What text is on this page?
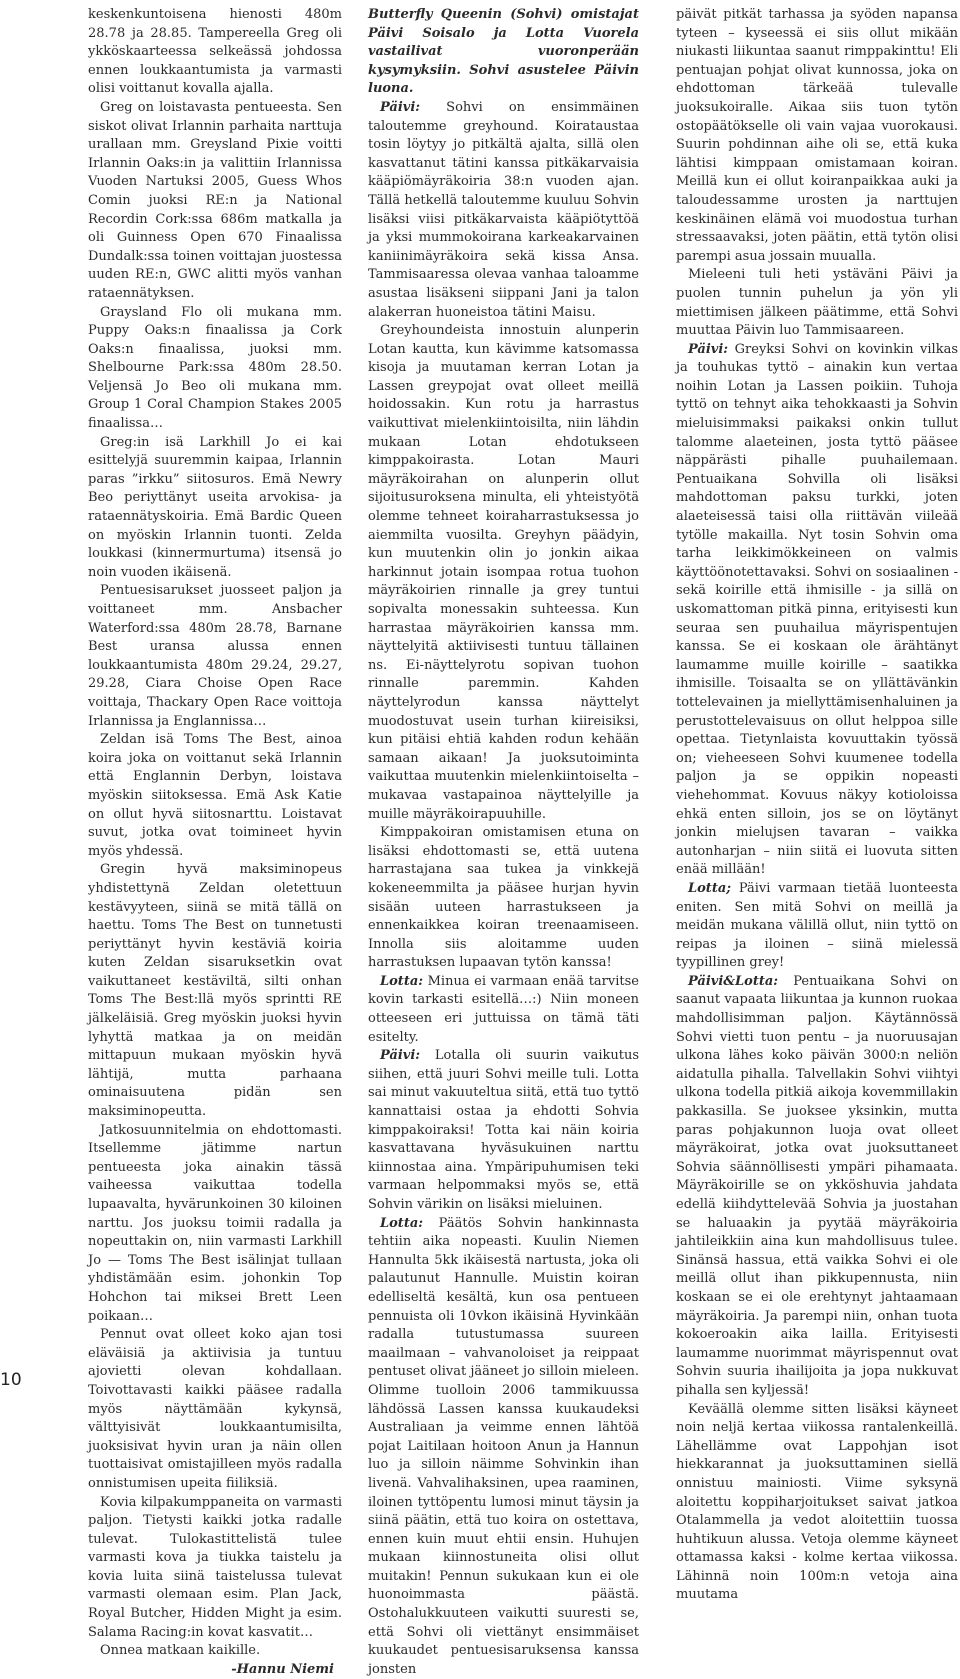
keskenkuntoisena hienosti 480m 28.78 ja 28.85. Tampereella Greg oli ykköskaarteessa selkeässä johdossa ennen loukkaantumista ja varmasti olisi voittanut kovalla ajalla.

Greg on loistavasta pentueesta. Sen siskot olivat Irlannin parhaita narttuja urallaan mm. Greysland Pixie voitti Irlannin Oaks:in ja valittiin Irlannissa Vuoden Nartuksi 2005, Guess Whos Comin juoksi RE:n ja National Recordin Cork:ssa 686m matkalla ja oli Guinness Open 670 Finaalissa Dundalk:ssa toinen voittajan juostessa uuden RE:n, GWC alitti myös vanhan rataennätyksen.

Graysland Flo oli mukana mm. Puppy Oaks:n finaalissa ja Cork Oaks:n finaalissa, juoksi mm. Shelbourne Park:ssa 480m 28.50. Veljensä Jo Beo oli mukana mm. Group 1 Coral Champion Stakes 2005 finaalissa…

Greg:in isä Larkhill Jo ei kai esittelyjä suuremmin kaipaa, Irlannin paras ”irkku” siitosuros. Emä Newry Beo periyttänyt useita arvokisa- ja rataennätyskoiria. Emä Bardic Queen on myöskin Irlannin tuonti. Zelda loukkasi (kinnermurtuma) itsensä jo noin vuoden ikäisenä.

Pentuesisarukset juosseet paljon ja voittaneet mm. Ansbacher Waterford:ssa 480m 28.78, Barnane Best uransa alussa ennen loukkaantumista 480m 29.24, 29.27, 29.28, Ciara Choise Open Race voittaja, Thackary Open Race voittoja Irlannissa ja Englannissa…

Zeldan isä Toms The Best, ainoa koira joka on voittanut sekä Irlannin että Englannin Derbyn, loistava myöskin siitoksessa. Emä Ask Katie on ollut hyvä siitosnarttu. Loistavat suvut, jotka ovat toimineet hyvin myös yhdessä.

Gregin hyvä maksiminopeus yhdistettynä Zeldan oletettuun kestävyyteen, siinä se mitä tällä on haettu. Toms The Best on tunnetusti periyttänyt hyvin kestäviä koiria kuten Zeldan sisaruksetkin ovat vaikuttaneet kestäviltä, silti onhan Toms The Best:llä myös sprintti RE jälkeläisiä. Greg myöskin juoksi hyvin lyhyttä matkaa ja on meidän mittapuun mukaan myöskin hyvä lähtijä, mutta parhaana ominaisuutena pidän sen maksiminopeutta.

Jatkosuunnitelmia on ehdottomasti. Itsellemme jätimme nartun pentueesta joka ainakin tässä vaiheessa vaikuttaa todella lupaavalta, hyvärunkoinen 30 kiloinen narttu. Jos juoksu toimii radalla ja nopeuttakin on, niin varmasti Larkhill Jo — Toms The Best isälinjat tullaan yhdistämään esim. johonkin Top Hohchon tai miksei Brett Leen poikaan…

Pennut ovat olleet koko ajan tosi eläväisiä ja aktiivisia ja tuntuu ajovietti olevan kohdallaan. Toivottavasti kaikki pääsee radalla myös näyttämään kykynsä, välttyisivät loukkaantumisilta, juoksisivat hyvin uran ja näin ollen tuottaisivat omistajilleen myös radalla onnistumisen upeita fiiliksiä.

Kovia kilpakumppaneita on varmasti paljon. Tietysti kaikki jotka radalle tulevat. Tulokastittelistä tulee varmasti kova ja tiukka taistelu ja kovia luita siinä taistelussa tulevat varmasti olemaan esim. Plan Jack, Royal Butcher, Hidden Might ja esim. Salama Racing:in kovat kasvatit…

Onnea matkaan kaikille.

-Hannu Niemi

Butterfly Queenin (Sohvi) omistajat Päivi Soisalo ja Lotta Vuorela vastailivat vuoronperään kysymyksiin. Sohvi asustelee Päivin luona.

Päivi: Sohvi on ensimmäinen taloutemme greyhound. Koirataustaa tosin löytyy jo pitkältä ajalta, sillä olen kasvattanut tätini kanssa pitkäkarvaisia kääpiömäyräkoiria 38:n vuoden ajan. Tällä hetkellä taloutemme kuuluu Sohvin lisäksi viisi pitkäkarvaista kääpiötyttöä ja yksi mummokoirana karkeakarvainen kaniinimäyräkoira sekä kissa Ansa. Tammisaaressa olevaa vanhaa taloamme asustaa lisäkseni siippani Jani ja talon alakerran huoneistoa tätini Maisu.

Greyhoundeista innostuin alunperin Lotan kautta, kun kävimme katsomassa kisoja ja muutaman kerran Lotan ja Lassen greypojat ovat olleet meillä hoidossakin. Kun rotu ja harrastus vaikuttivat mielenkiintoisilta, niin lähdin mukaan Lotan ehdotukseen kimppakoirasta. Lotan Mauri mäyräkoirahan on alunperin ollut sijoitusuroksena minulta, eli yhteistyötä olemme tehneet koiraharrastuksessa jo aiemmilta vuosilta. Greyhyn päädyin, kun muutenkin olin jo jonkin aikaa harkinnut jotain isompaa rotua tuohon mäyräkoirien rinnalle ja grey tuntui sopivalta monessakin suhteessa. Kun harrastaa mäyräkoirien kanssa mm. näyttelyitä aktiivisesti tuntuu tällainen ns. Ei-näyttelyrotu sopivan tuohon rinnalle paremmin. Kahden näyttelyrodun kanssa näyttelyt muodostuvat usein turhan kiireisiksi, kun pitäisi ehtiä kahden rodun kehään samaan aikaan! Ja juoksutoiminta vaikuttaa muutenkin mielenkiintoiselta – mukavaa vastapainoa näyttelyille ja muille mäyräkoirapuuhille.

Kimppakoiran omistamisen etuna on lisäksi ehdottomasti se, että uutena harrastajana saa tukea ja vinkkejä kokeneemmilta ja pääsee hurjan hyvin sisään uuteen harrastukseen ja ennenkaikkea koiran treenaamiseen. Innolla siis aloitamme uuden harrastuksen lupaavan tytön kanssa!

Lotta: Minua ei varmaan enää tarvitse kovin tarkasti esitellä…:) Niin moneen otteeseen eri juttuissa on tämä täti esitelty.

Päivi: Lotalla oli suurin vaikutus siihen, että juuri Sohvi meille tuli. Lotta sai minut vakuuteltua siitä, että tuo tyttö kannattaisi ostaa ja ehdotti Sohvia kimppakoiraksi! Totta kai näin koiria kasvattavana hyväsukuinen narttu kiinnostaa aina. Ympäripuhumisen teki varmaan helpommaksi myös se, että Sohvin värikin on lisäksi mieluinen.

Lotta: Päätös Sohvin hankinnasta tehtiin aika nopeasti. Kuulin Niemen Hannulta 5kk ikäisestä nartusta, joka oli palautunut Hannulle. Muistin koiran edelliseltä kesältä, kun osa pentueen pennuista oli 10vkon ikäisinä Hyvinkään radalla tutustumassa suureen maailmaan – vahvanoloiset ja reippaat pentuset olivat jääneet jo silloin mieleen. Olimme tuolloin 2006 tammikuussa lähdössä Lassen kanssa kuukaudeksi Australiaan ja veimme ennen lähtöä pojat Laitilaan hoitoon Anun ja Hannun luo ja silloin näimme Sohvinkin ihan livenä. Vahvalihaksinen, upea raaminen, iloinen tyttöpentu lumosi minut täysin ja siinä päätin, että tuo koira on ostettava, ennen kuin muut ehtii ensin. Huhujen mukaan kiinnostuneita olisi ollut muitakin! Pennun sukukaan kun ei ole huonoimmasta päästä. Ostohalukkuuteen vaikutti suuresti se, että Sohvi oli viettänyt ensimmäiset kuukaudet pentuesisaruksensa kanssa jonsten

päivät pitkät tarhassa ja syöden napansa tyteen – kyseessä ei siis ollut mikään niukasti liikuntaa saanut rimppakinttu! Eli pentuajan pohjat olivat kunnossa, joka on ehdottoman tärkeää tulevalle juoksukoiralle. Aikaa siis tuon tytön ostopäätökselle oli vain vajaa vuorokausi. Suurin pohdinnan aihe oli se, että kuka lähtisi kimppaan omistamaan koiran. Meillä kun ei ollut koiranpaikkaa auki ja taloudessamme urosten ja narttujen keskinäinen elämä voi muodostua turhan stressaavaksi, joten päätin, että tytön olisi parempi asua jossain muualla.

Mieleeni tuli heti ystäväni Päivi ja puolen tunnin puhelun ja yön yli miettimisen jälkeen päätimme, että Sohvi muuttaa Päivin luo Tammisaareen.

Päivi: Greyksi Sohvi on kovinkin vilkas ja touhukas tyttö – ainakin kun vertaa noihin Lotan ja Lassen poikiin. Tuhoja tyttö on tehnyt aika tehokkaasti ja Sohvin mieluisimmaksi paikaksi onkin tullut talomme alaeteinen, josta tyttö pääsee näppärästi pihalle puuhailemaan. Pentuaikana Sohvilla oli lisäksi mahdottoman paksu turkki, joten alaeteisessä taisi olla riittävän viileää tytölle makailla. Nyt tosin Sohvin oma tarha leikkimökkeineen on valmis käyttöönotettavaksi. Sohvi on sosiaalinen - sekä koirille että ihmisille - ja sillä on uskomattoman pitkä pinna, erityisesti kun seuraa sen puuhailua mäyrispentujen kanssa. Se ei koskaan ole ärähtänyt laumamme muille koirille – saatikka ihmisille. Toisaalta se on yllättävänkin tottelevainen ja miellyttämisenhaluinen ja perustottelevaisuus on ollut helppoa sille opettaa. Tietynlaista kovuuttakin työssä on; vieheeseen Sohvi kuumenee todella paljon ja se oppikin nopeasti viehehommat. Kovuus näkyy kotioloissa ehkä enten silloin, jos se on löytänyt jonkin mielujsen tavaran – vaikka autonharjan – niin siitä ei luovuta sitten enää millään!

Lotta; Päivi varmaan tietää luonteesta eniten. Sen mitä Sohvi on meillä ja meidän mukana välillä ollut, niin tyttö on reipas ja iloinen – siinä mielessä tyypillinen grey!

Päivi&Lotta: Pentuaikana Sohvi on saanut vapaata liikuntaa ja kunnon ruokaa mahdollisimman paljon. Käytännössä Sohvi vietti tuon pentu – ja nuoruusajan ulkona lähes koko päivän 3000:n neliön aidatulla pihalla. Talvellakin Sohvi viihtyi ulkona todella pitkiä aikoja kovemmillakin pakkasilla. Se juoksee yksinkin, mutta paras pohjakunnon luoja ovat olleet mäyräkoirat, jotka ovat juoksuttaneet Sohvia säännöllisesti ympäri pihamaata. Mäyräkoirille se on ykköshuvia jahdata edellä kiihdyttelevää Sohvia ja juostahan se haluaakin ja pyytää mäyräkoiria jahtileikkiin aina kun mahdollisuus tulee. Sinänsä hassua, että vaikka Sohvi ei ole meillä ollut ihan pikkupennusta, niin koskaan se ei ole erehtynyt jahtaamaan mäyräkoiria. Ja parempi niin, onhan tuota kokoeroakin aika lailla. Erityisesti laumamme nuorimmat mäyrispennut ovat Sohvin suuria ihailijoita ja jopa nukkuvat pihalla sen kyljessä!

Keväällä olemme sitten lisäksi käyneet noin neljä kertaa viikossa rantalenkeillä. Lähellämme ovat Lappohjan isot hiekkarannat ja juoksuttaminen siellä onnistuu mainiosti. Viime syksynä aloitettu koppiharjoitukset saivat jatkoa Otalammella ja vedot aloitettiin tuossa huhtikuun alussa. Vetoja olemme käyneet ottamassa kaksi - kolme kertaa viikossa. Lähinnä noin 100m:n vetoja aina muutama

10
